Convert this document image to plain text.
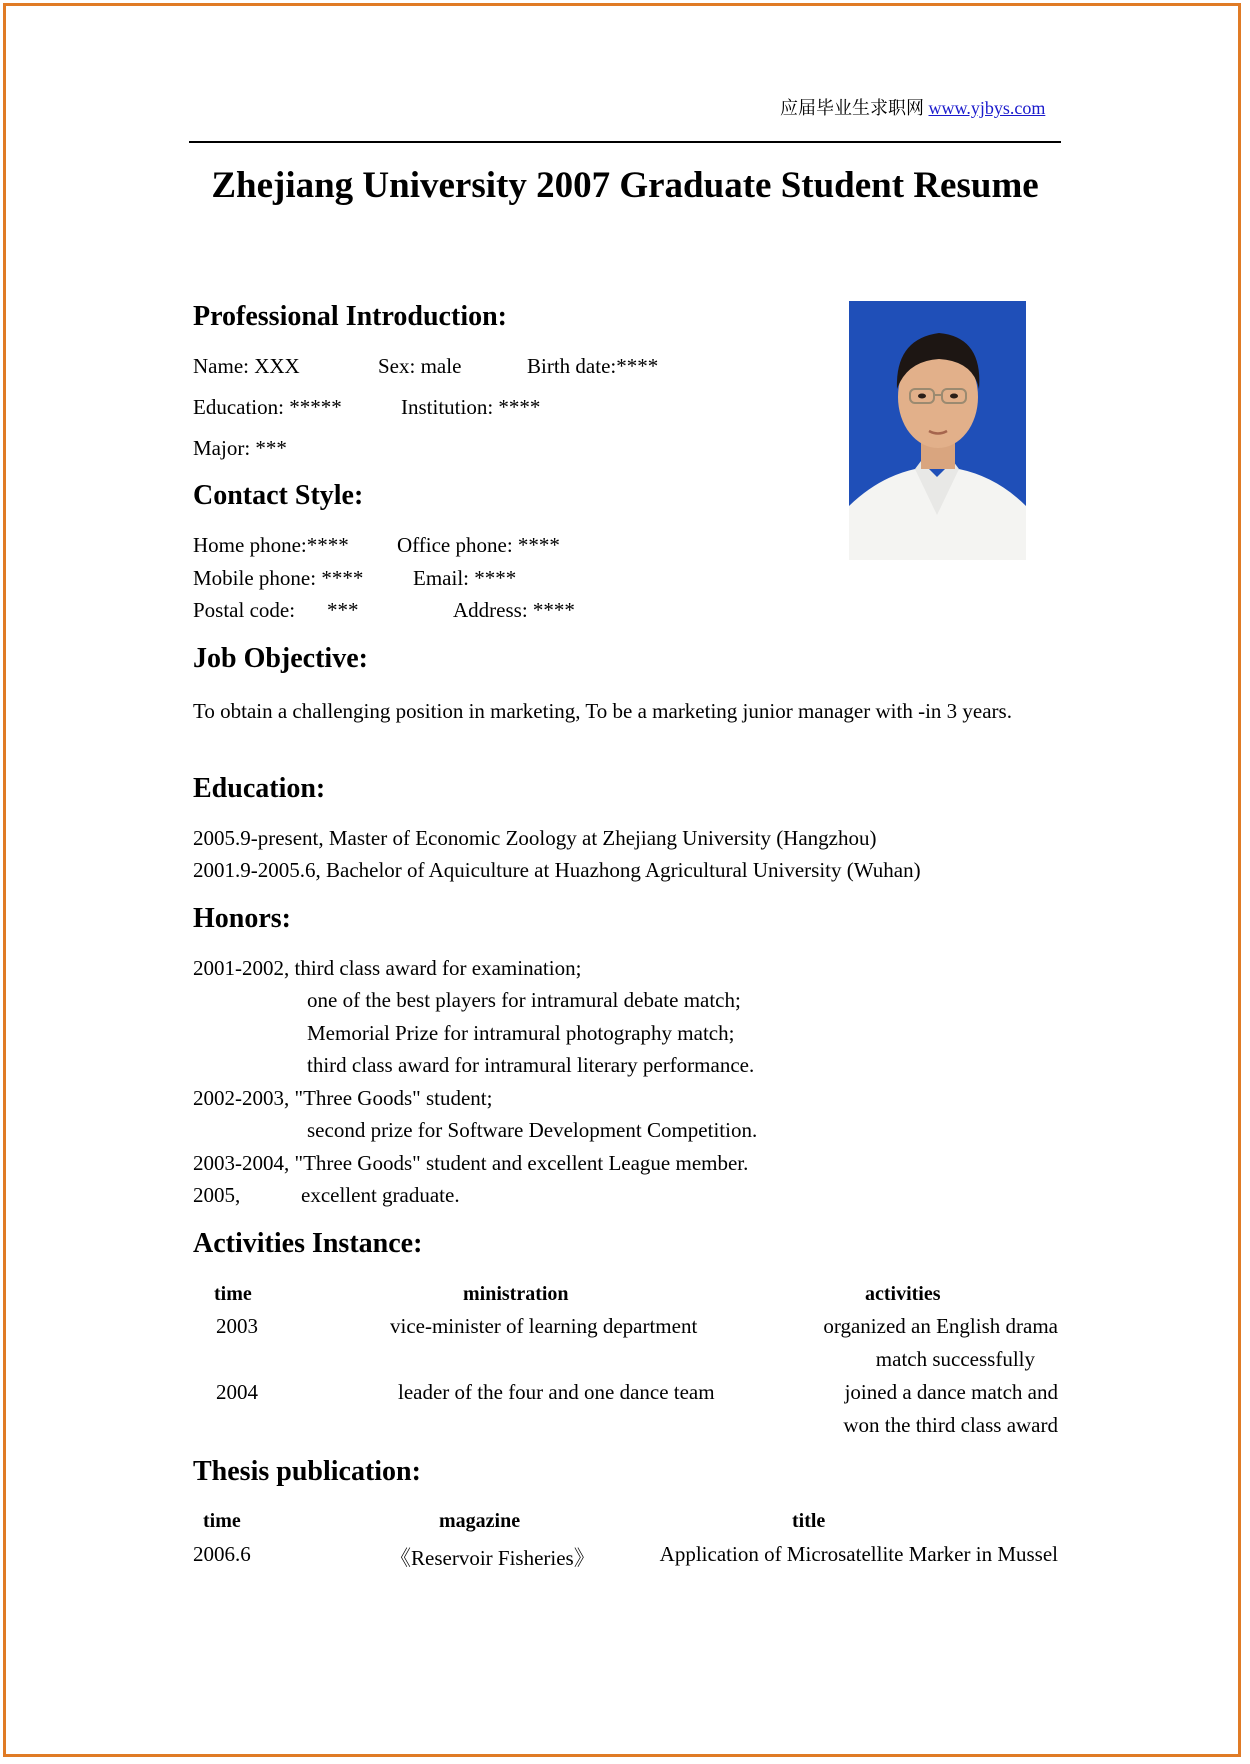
应届毕业生求职网 www.yjbys.com
Zhejiang University 2007 Graduate Student Resume
Professional Introduction:
Name: XXX	Sex: male	Birth date:****
Education: *****	Institution: ****
Major: ***
Contact Style:
Home phone:**** Office phone: ****
Mobile phone: **** Email: ****
Postal code: ***	Address: ****
Job Objective:
To obtain a challenging position in marketing, To be a marketing junior manager with -in 3 years.
Education:
2005.9-present, Master of Economic Zoology at Zhejiang University (Hangzhou)
2001.9-2005.6, Bachelor of Aquiculture at Huazhong Agricultural University (Wuhan)
Honors:
2001-2002, third class award for examination;
one of the best players for intramural debate match;
Memorial Prize for intramural photography match;
third class award for intramural literary performance.
2002-2003, "Three Goods" student;
second prize for Software Development Competition.
2003-2004, "Three Goods" student and excellent League member.
2005,	excellent graduate.
Activities Instance:
time	ministration	activities
2003	vice-minister of learning department	organized an English drama
match successfully
2004	leader of the four and one dance team	joined a dance match and
won the third class award
Thesis publication:
time	magazine	title
2006.6	《Reservoir Fisheries》	Application of Microsatellite Marker in Mussel
